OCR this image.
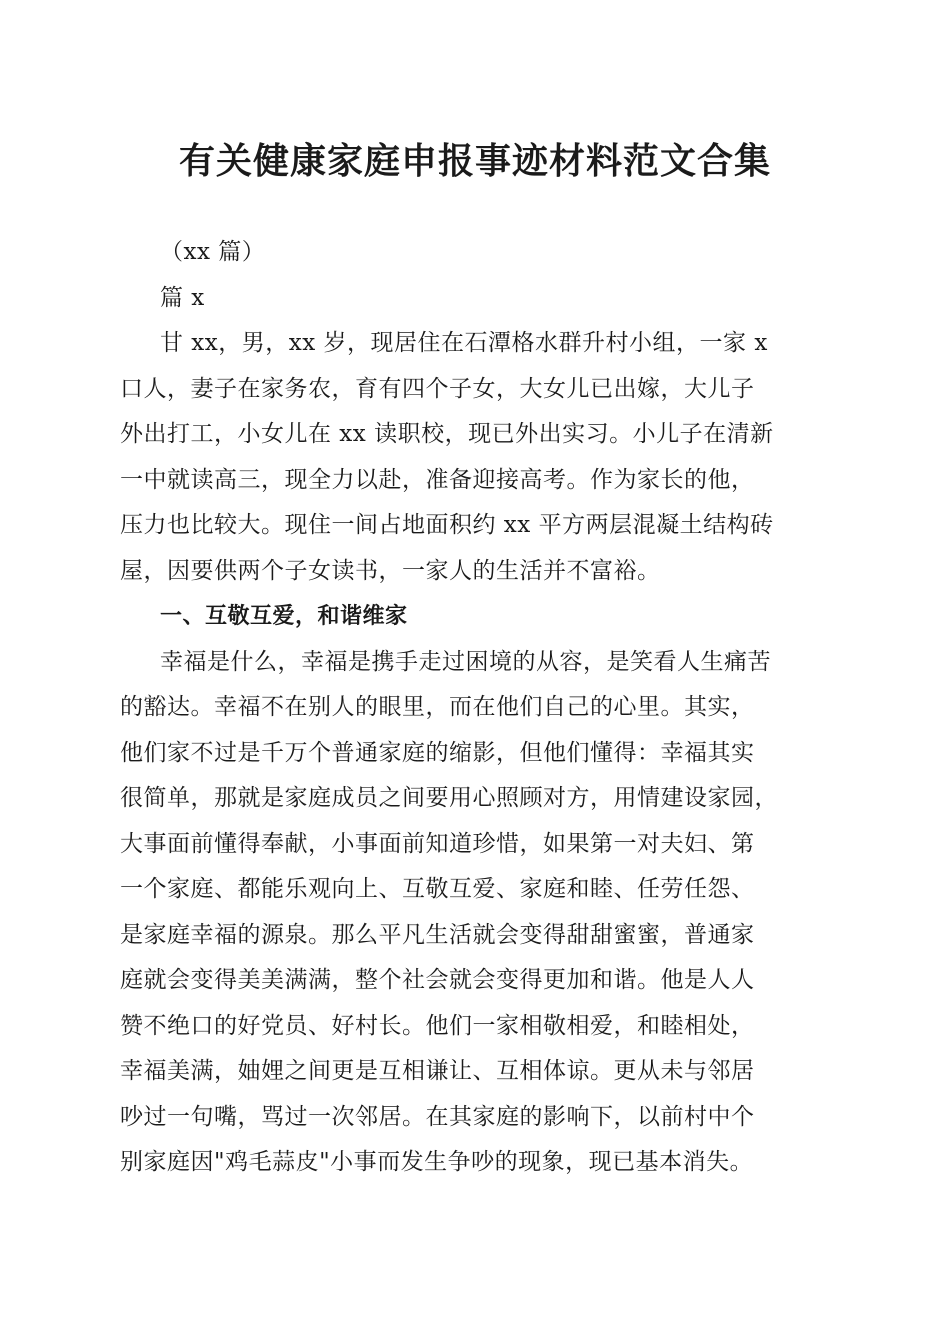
有关健康家庭申报事迹材料范文合集
（xx 篇）
篇 x
甘 xx，男，xx 岁，现居住在石潭格水群升村小组，一家 x
口人，妻子在家务农，育有四个子女，大女儿已出嫁，大儿子
外出打工，小女儿在 xx 读职校，现已外出实习。小儿子在清新
一中就读高三，现全力以赴，准备迎接高考。作为家长的他，
压力也比较大。现住一间占地面积约 xx 平方两层混凝土结构砖
屋，因要供两个子女读书，一家人的生活并不富裕。
一、互敬互爱，和谐维家
幸福是什么，幸福是携手走过困境的从容，是笑看人生痛苦
的豁达。幸福不在别人的眼里，而在他们自己的心里。其实，
他们家不过是千万个普通家庭的缩影，但他们懂得：幸福其实
很简单，那就是家庭成员之间要用心照顾对方，用情建设家园，
大事面前懂得奉献，小事面前知道珍惜，如果第一对夫妇、第
一个家庭、都能乐观向上、互敬互爱、家庭和睦、任劳任怨、
是家庭幸福的源泉。那么平凡生活就会变得甜甜蜜蜜，普通家
庭就会变得美美满满，整个社会就会变得更加和谐。他是人人
赞不绝口的好党员、好村长。他们一家相敬相爱，和睦相处，
幸福美满，妯娌之间更是互相谦让、互相体谅。更从未与邻居
吵过一句嘴，骂过一次邻居。在其家庭的影响下，以前村中个
别家庭因"鸡毛蒜皮"小事而发生争吵的现象，现已基本消失。
